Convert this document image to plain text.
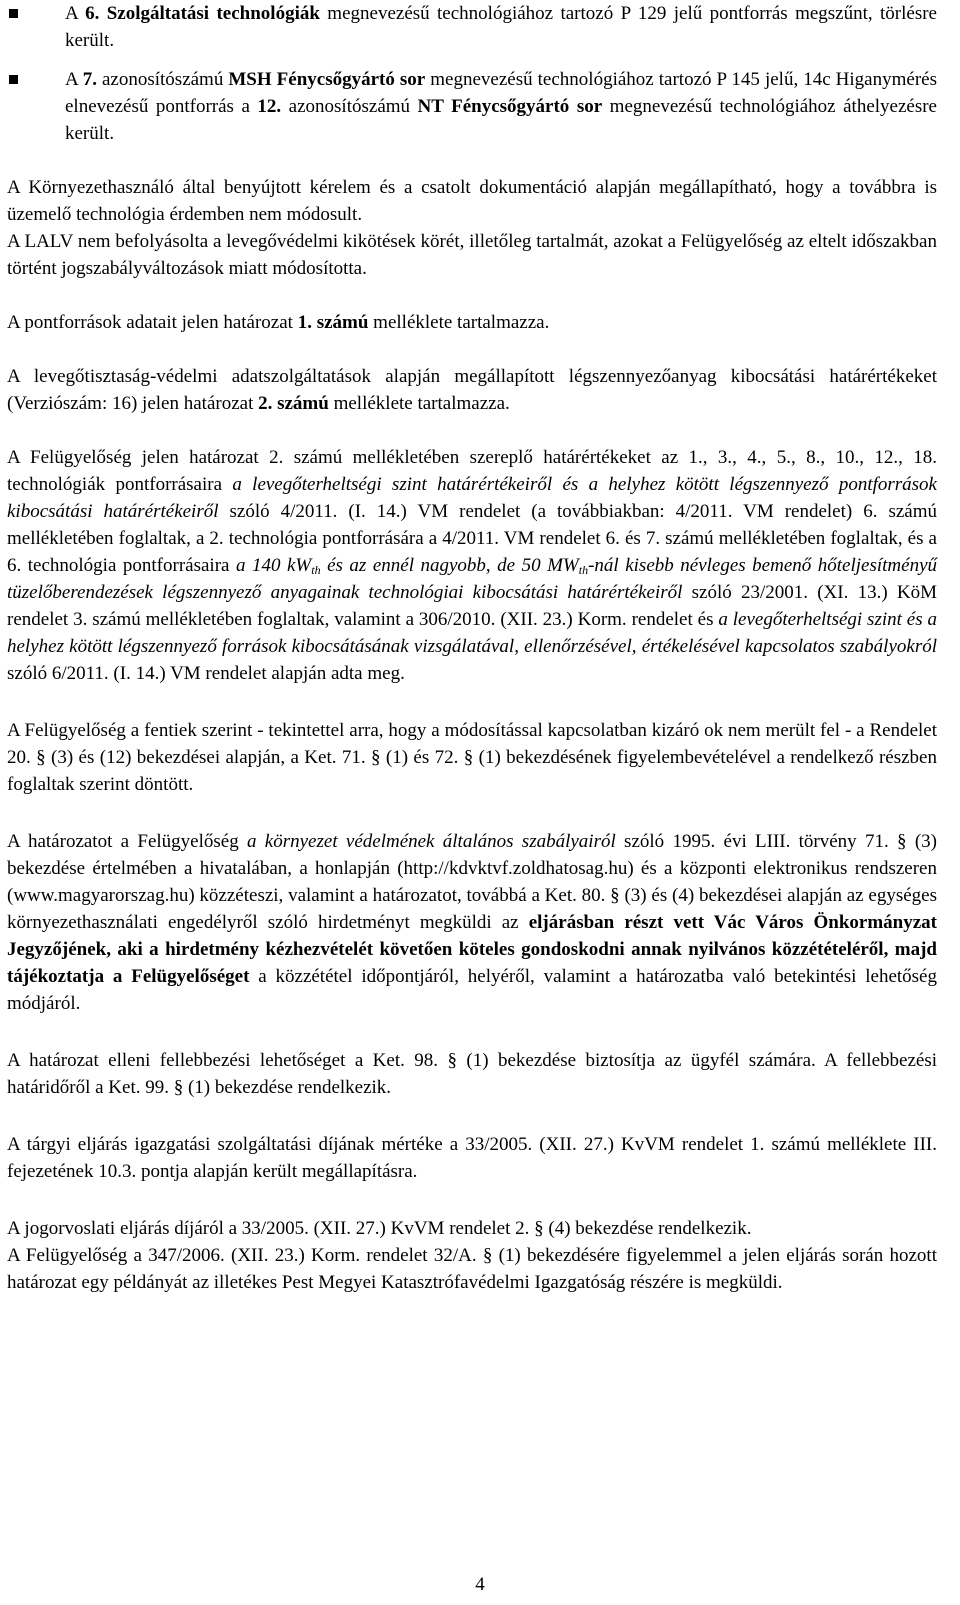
A 6. Szolgáltatási technológiák megnevezésű technológiához tartozó P 129 jelű pontforrás megszűnt, törlésre került.
A 7. azonosítószámú MSH Fénycsőgyártó sor megnevezésű technológiához tartozó P 145 jelű, 14c Higanymérés elnevezésű pontforrás a 12. azonosítószámú NT Fénycsőgyártó sor megnevezésű technológiához áthelyezésre került.

A Környezethasználó által benyújtott kérelem és a csatolt dokumentáció alapján megállapítható, hogy a továbbra is üzemelő technológia érdemben nem módosult.

A LALV nem befolyásolta a levegővédelmi kikötések körét, illetőleg tartalmát, azokat a Felügyelőség az eltelt időszakban történt jogszabályváltozások miatt módosította.

A pontforrások adatait jelen határozat 1. számú melléklete tartalmazza.

A levegőtisztaság-védelmi adatszolgáltatások alapján megállapított légszennyezőanyag kibocsátási határértékeket (Verziószám: 16) jelen határozat 2. számú melléklete tartalmazza.

A Felügyelőség jelen határozat 2. számú mellékletében szereplő határértékeket az 1., 3., 4., 5., 8., 10., 12., 18. technológiák pontforrásaira a levegőterheltségi szint határértékeiről és a helyhez kötött légszennyező pontforrások kibocsátási határértékeiről szóló 4/2011. (I. 14.) VM rendelet (a továbbiakban: 4/2011. VM rendelet) 6. számú mellékletében foglaltak, a 2. technológia pontforrására a 4/2011. VM rendelet 6. és 7. számú mellékletében foglaltak, és a 6. technológia pontforrásaira a 140 $kW_{th}$ és az ennél nagyobb, de 50 $MW_{th}$-nál kisebb névleges bemenő hőteljesítményű tüzelőberendezések légszennyező anyagainak technológiai kibocsátási határértékeiről szóló 23/2001. (XI. 13.) KöM rendelet 3. számú mellékletében foglaltak, valamint a 306/2010. (XII. 23.) Korm. rendelet és a levegőterheltségi szint és a helyhez kötött légszennyező források kibocsátásának vizsgálatával, ellenőrzésével, értékelésével kapcsolatos szabályokról szóló 6/2011. (I. 14.) VM rendelet alapján adta meg.

A Felügyelőség a fentiek szerint - tekintettel arra, hogy a módosítással kapcsolatban kizáró ok nem merült fel - a Rendelet 20. § (3) és (12) bekezdései alapján, a Ket. 71. § (1) és 72. § (1) bekezdésének figyelembevételével a rendelkező részben foglaltak szerint döntött.

A határozatot a Felügyelőség a környezet védelmének általános szabályairól szóló 1995. évi LIII. törvény 71. § (3) bekezdése értelmében a hivatalában, a honlapján (http://kdvktvf.zoldhatosag.hu) és a központi elektronikus rendszeren (www.magyarorszag.hu) közzéteszi, valamint a határozatot, továbbá a Ket. 80. § (3) és (4) bekezdései alapján az egységes környezethasználati engedélyről szóló hirdetményt megküldi az eljárásban részt vett Vác Város Önkormányzat Jegyzőjének, aki a hirdetmény kézhezvételét követően köteles gondoskodni annak nyilvános közzétételéről, majd tájékoztatja a Felügyelőséget a közzététel időpontjáról, helyéről, valamint a határozatba való betekintési lehetőség módjáról.

A határozat elleni fellebbezési lehetőséget a Ket. 98. § (1) bekezdése biztosítja az ügyfél számára. A fellebbezési határidőről a Ket. 99. § (1) bekezdése rendelkezik.

A tárgyi eljárás igazgatási szolgáltatási díjának mértéke a 33/2005. (XII. 27.) KvVM rendelet 1. számú melléklete III. fejezetének 10.3. pontja alapján került megállapításra.

A jogorvoslati eljárás díjáról a 33/2005. (XII. 27.) KvVM rendelet 2. § (4) bekezdése rendelkezik.

A Felügyelőség a 347/2006. (XII. 23.) Korm. rendelet 32/A. § (1) bekezdésére figyelemmel a jelen eljárás során hozott határozat egy példányát az illetékes Pest Megyei Katasztrófavédelmi Igazgatóság részére is megküldi.

4
